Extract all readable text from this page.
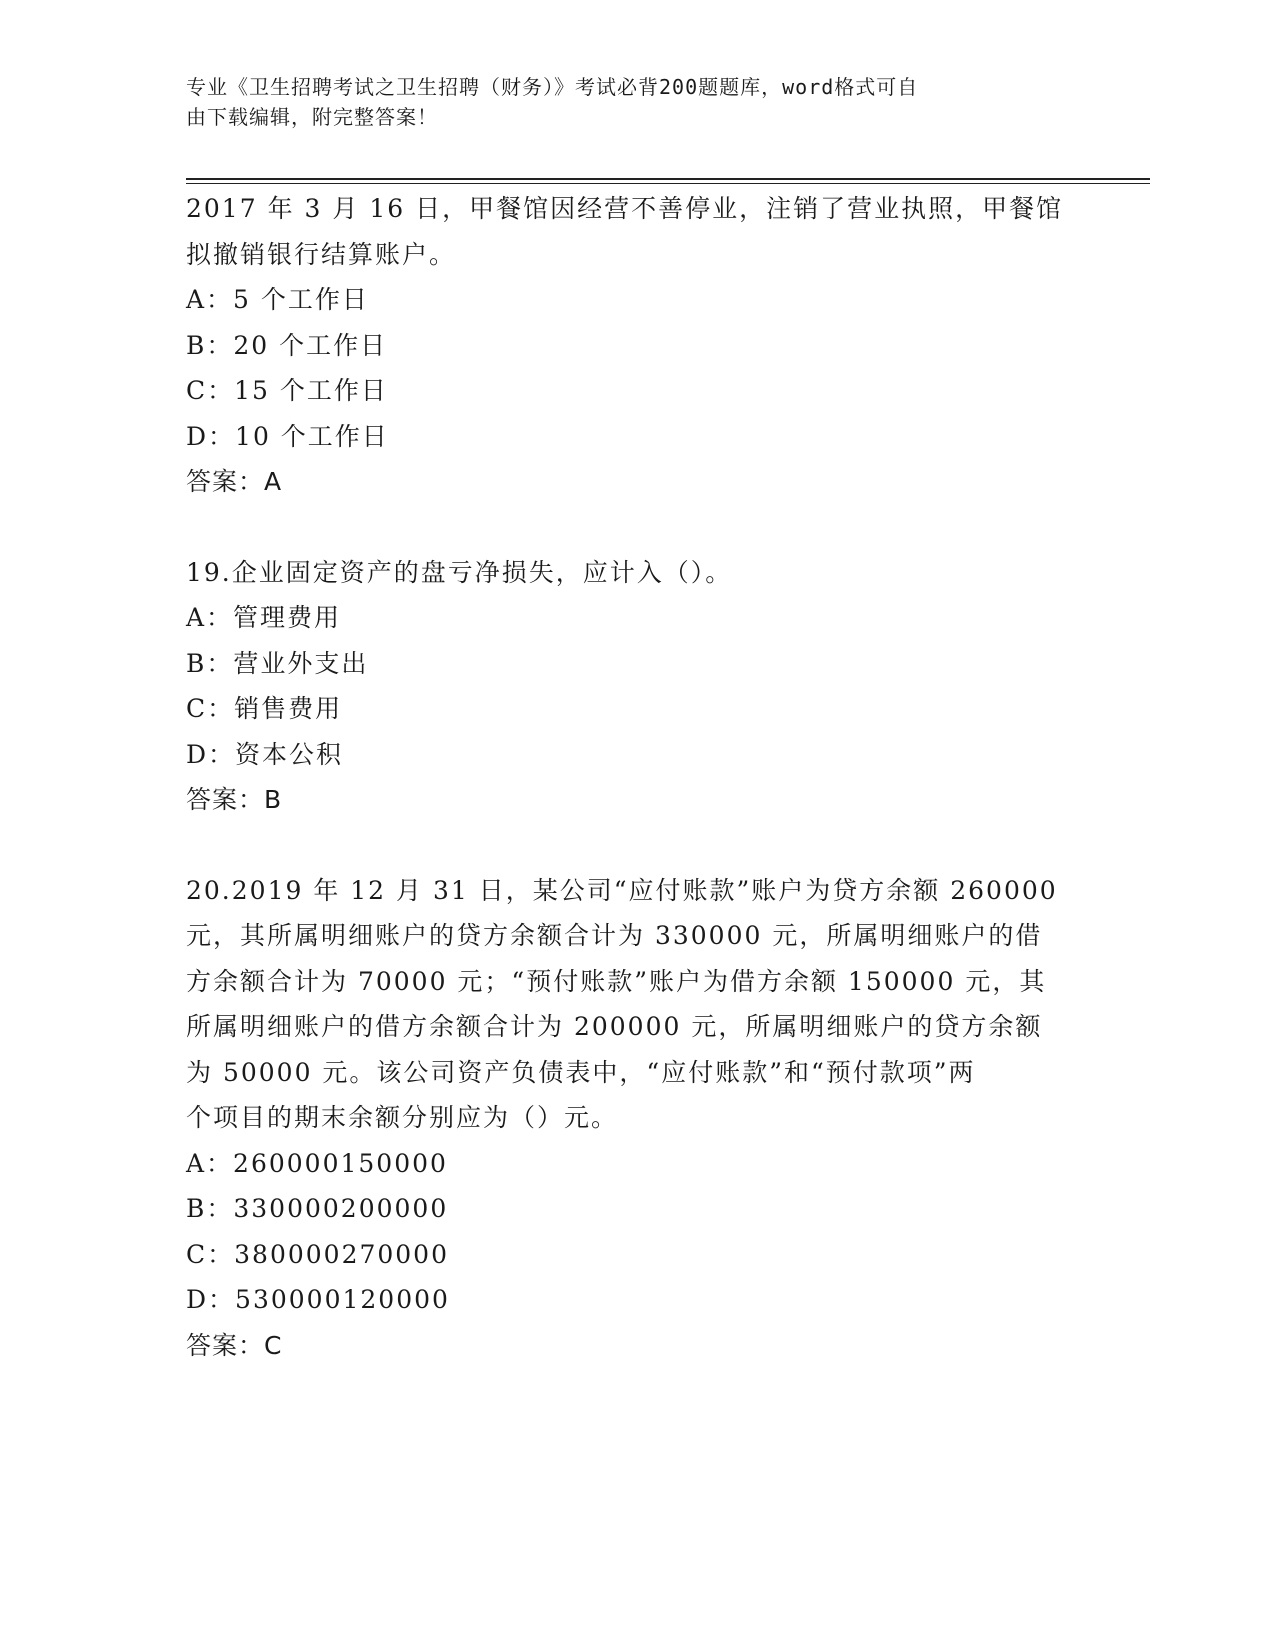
专业《卫生招聘考试之卫生招聘（财务）》考试必背200题题库，word格式可自
由下载编辑，附完整答案！

2017 年 3 月 16 日，甲餐馆因经营不善停业，注销了营业执照，甲餐馆

拟撤销银行结算账户。

A：5 个工作日

B：20 个工作日

C：15 个工作日

D：10 个工作日

答案：A

19.企业固定资产的盘亏净损失，应计入（）。

A：管理费用

B：营业外支出

C：销售费用

D：资本公积

答案：B

20.2019 年 12 月 31 日，某公司“应付账款”账户为贷方余额 260000

元，其所属明细账户的贷方余额合计为 330000 元，所属明细账户的借

方余额合计为 70000 元；“预付账款”账户为借方余额 150000 元，其

所属明细账户的借方余额合计为 200000 元，所属明细账户的贷方余额

为 50000 元。该公司资产负债表中，“应付账款”和“预付款项”两

个项目的期末余额分别应为（）元。

A：260000150000

B：330000200000

C：380000270000

D：530000120000

答案：C
